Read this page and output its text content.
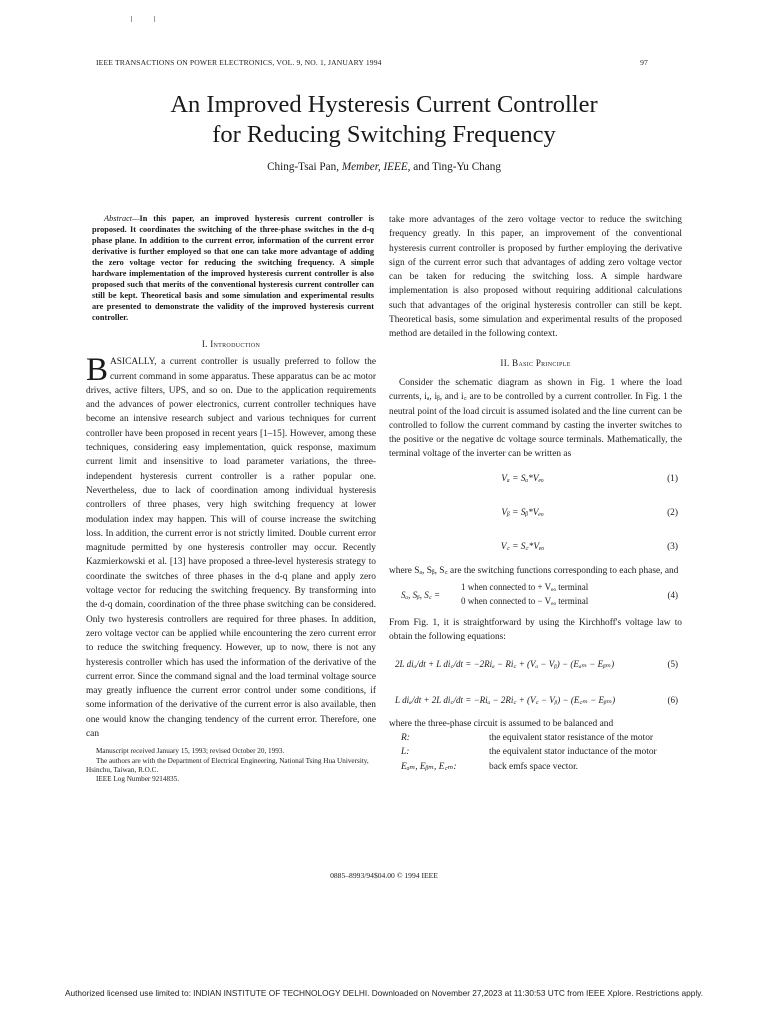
IEEE TRANSACTIONS ON POWER ELECTRONICS, VOL. 9, NO. 1, JANUARY 1994	97
An Improved Hysteresis Current Controller
for Reducing Switching Frequency
Ching-Tsai Pan, Member, IEEE, and Ting-Yu Chang
Abstract—In this paper, an improved hysteresis current controller is proposed. It coordinates the switching of the three-phase switches in the d-q phase plane. In addition to the current error, information of the current error derivative is further employed so that one can take more advantage of adding the zero voltage vector for reducing the switching frequency. A simple hardware implementation of the improved hysteresis current controller is also proposed such that merits of the conventional hysteresis current controller can still be kept. Theoretical basis and some simulation and experimental results are presented to demonstrate the validity of the improved hysteresis current controller.
I. Introduction

BASICALLY, a current controller is usually preferred to follow the current command in some apparatus. These apparatus can be ac motor drives, active filters, UPS, and so on. Due to the application requirements and the advances of power electronics, current controller techniques have become an intensive research subject and various techniques for current controller have been proposed in recent years [1–15]. However, among these techniques, considering easy implementation, quick response, maximum current limit and insensitive to load parameter variations, the three-independent hysteresis current controller is a rather popular one. Nevertheless, due to lack of coordination among individual hysteresis controllers of three phases, very high switching frequency at lower modulation index may happen. This will of course increase the switching loss. In addition, the current error is not strictly limited. Double current error magnitude permitted by one hysteresis controller may occur. Recently Kazmierkowski et al. [13] have proposed a three-level hysteresis strategy to coordinate the switches of three phases in the d-q plane and apply zero voltage vector for reducing the switching frequency. By transforming into the d-q domain, coordination of the three phase switching can be considered. Only two hysteresis controllers are required for three phases. In addition, zero voltage vector can be applied while encountering the zero current error to reduce the switching frequency. However, up to now, there is not any hysteresis controller which has used the information of the derivative of the current error. Since the command signal and the load terminal voltage source may greatly influence the current error control under some conditions, if some information of the derivative of the current error is also available, then one would know the changing tendency of the current error. Therefore, one can

Manuscript received January 15, 1993; revised October 20, 1993.
The authors are with the Department of Electrical Engineering, National Tsing Hua University, Hsinchu, Taiwan, R.O.C.
IEEE Log Number 9214835.

take more advantages of the zero voltage vector to reduce the switching frequency greatly. In this paper, an improvement of the conventional hysteresis current controller is proposed by further employing the derivative sign of the current error such that advantages of adding zero voltage vector can be taken for reducing the switching loss. A simple hardware implementation is also proposed without requiring additional calculations such that advantages of the original hysteresis controller can still be kept. Theoretical basis, some simulation and experimental results of the proposed method are detailed in the following context.

II. Basic Principle

Consider the schematic diagram as shown in Fig. 1 where the load currents, iₐ, iᵦ, and i꜀ are to be controlled by a current controller. In Fig. 1 the neutral point of the load circuit is assumed isolated and the line current can be controlled to follow the current command by casting the inverter switches to the positive or the negative dc voltage source terminals. Mathematically, the terminal voltage of the inverter can be written as

Vₐ = Sₐ*Vₑₒ	(1)
Vᵦ = Sᵦ*Vₑₒ	(2)
V꜀ = S꜀*Vₑₒ	(3)

where Sₐ, Sᵦ, S꜀ are the switching functions corresponding to each phase, and

Sₐ, Sᵦ, S꜀ =
1 when connected to + Vₑₒ terminal
0 when connected to − Vₑₒ terminal
(4)

From Fig. 1, it is straightforward by using the Kirchhoff's voltage law to obtain the following equations:

2L diₐ/dt + L di꜀/dt = −2Riₐ − Ri꜀ + (Vₐ − Vᵦ) − (Eₐₘ − Eᵦₘ)	(5)
L diₐ/dt + 2L di꜀/dt = −Riₐ − 2Ri꜀ + (V꜀ − Vᵦ) − (E꜀ₘ − Eᵦₘ)	(6)

where the three-phase circuit is assumed to be balanced and

R:	the equivalent stator resistance of the motor
L:	the equivalent stator inductance of the motor
Eₐₘ, Eᵦₘ, E꜀ₘ:	back emfs space vector.
0885–8993/94$04.00 © 1994 IEEE
Authorized licensed use limited to: INDIAN INSTITUTE OF TECHNOLOGY DELHI. Downloaded on November 27,2023 at 11:30:53 UTC from IEEE Xplore. Restrictions apply.
